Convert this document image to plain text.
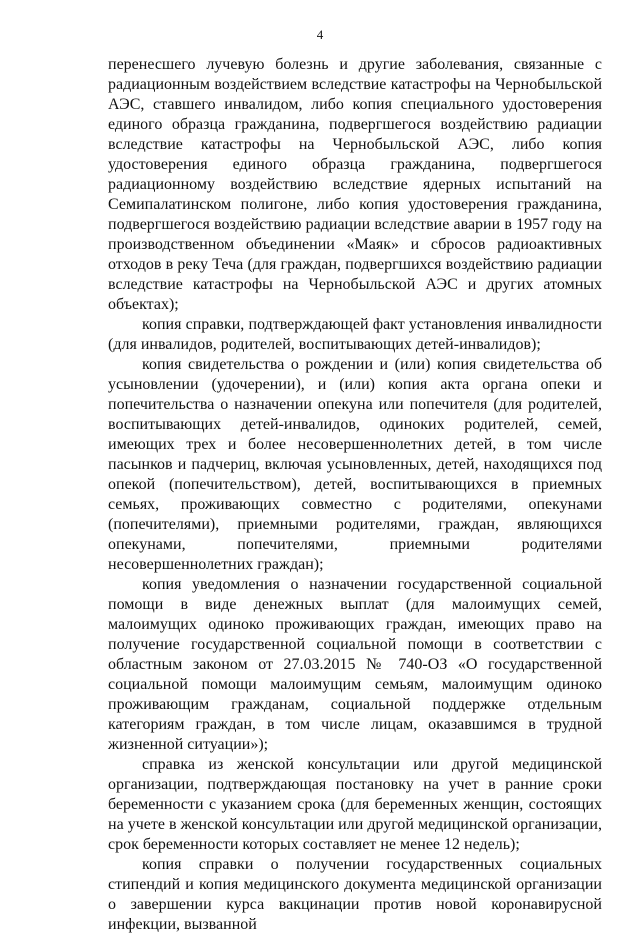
4

перенесшего лучевую болезнь и другие заболевания, связанные с радиационным воздействием вследствие катастрофы на Чернобыльской АЭС, ставшего инвалидом, либо копия специального удостоверения единого образца гражданина, подвергшегося воздействию радиации вследствие катастрофы на Чернобыльской АЭС, либо копия удостоверения единого образца гражданина, подвергшегося радиационному воздействию вследствие ядерных испытаний на Семипалатинском полигоне, либо копия удостоверения гражданина, подвергшегося воздействию радиации вследствие аварии в 1957 году на производственном объединении «Маяк» и сбросов радиоактивных отходов в реку Теча (для граждан, подвергшихся воздействию радиации вследствие катастрофы на Чернобыльской АЭС и других атомных объектах);

копия справки, подтверждающей факт установления инвалидности (для инвалидов, родителей, воспитывающих детей-инвалидов);

копия свидетельства о рождении и (или) копия свидетельства об усыновлении (удочерении), и (или) копия акта органа опеки и попечительства о назначении опекуна или попечителя (для родителей, воспитывающих детей-инвалидов, одиноких родителей, семей, имеющих трех и более несовершеннолетних детей, в том числе пасынков и падчериц, включая усыновленных, детей, находящихся под опекой (попечительством), детей, воспитывающихся в приемных семьях, проживающих совместно с родителями, опекунами (попечителями), приемными родителями, граждан, являющихся опекунами, попечителями, приемными родителями несовершеннолетних граждан);

копия уведомления о назначении государственной социальной помощи в виде денежных выплат (для малоимущих семей, малоимущих одиноко проживающих граждан, имеющих право на получение государственной социальной помощи в соответствии с областным законом от 27.03.2015 № 740-ОЗ «О государственной социальной помощи малоимущим семьям, малоимущим одиноко проживающим гражданам, социальной поддержке отдельным категориям граждан, в том числе лицам, оказавшимся в трудной жизненной ситуации»);

справка из женской консультации или другой медицинской организации, подтверждающая постановку на учет в ранние сроки беременности с указанием срока (для беременных женщин, состоящих на учете в женской консультации или другой медицинской организации, срок беременности которых составляет не менее 12 недель);

копия справки о получении государственных социальных стипендий и копия медицинского документа медицинской организации о завершении курса вакцинации против новой коронавирусной инфекции, вызванной
